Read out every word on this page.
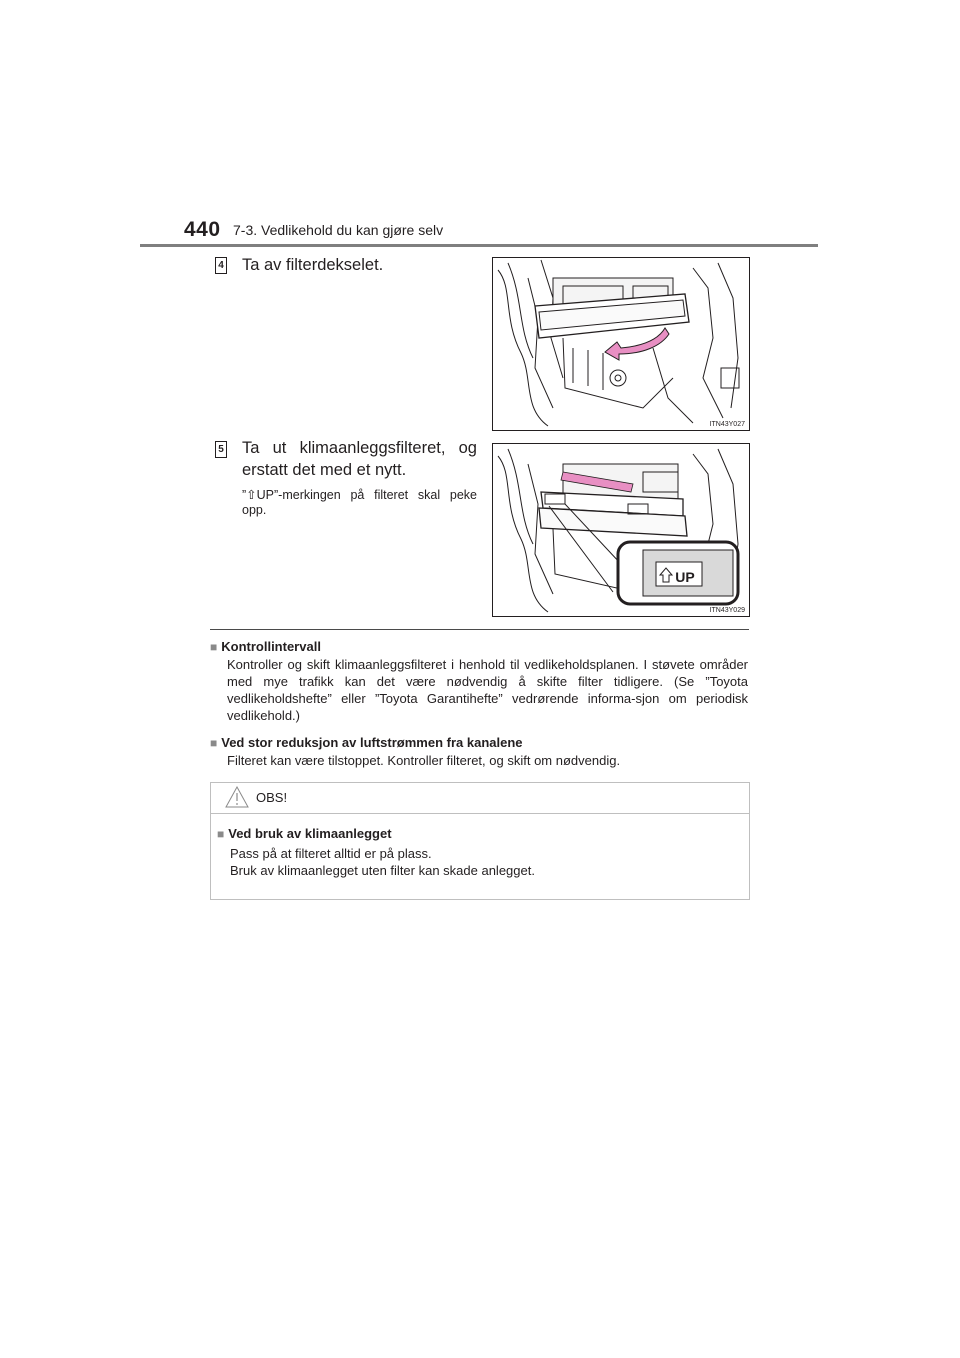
440 7-3. Vedlikehold du kan gjøre selv
4 Ta av filterdekselet.
ITN43Y027
5 Ta ut klimaanleggsfilteret, og erstatt det med et nytt.
”⇧UP”-merkingen på filteret skal peke opp.
UP
ITN43Y029
■ Kontrollintervall
Kontroller og skift klimaanleggsfilteret i henhold til vedlikeholdsplanen. I støvete områder med mye trafikk kan det være nødvendig å skifte filter tidligere. (Se ”Toyota vedlikeholdshefte” eller ”Toyota Garantihefte” vedrørende informa-sjon om periodisk vedlikehold.)
■ Ved stor reduksjon av luftstrømmen fra kanalene
Filteret kan være tilstoppet. Kontroller filteret, og skift om nødvendig.
OBS!
■ Ved bruk av klimaanlegget
Pass på at filteret alltid er på plass.
Bruk av klimaanlegget uten filter kan skade anlegget.
